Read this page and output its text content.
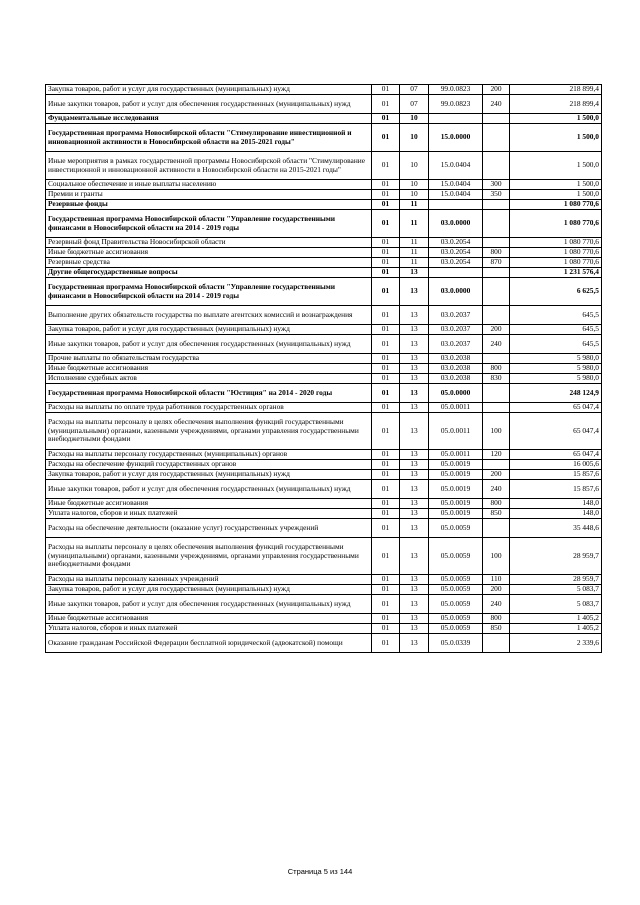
Закупка товаров, работ и услуг для государственных (муниципальных) нужд	01	07	99.0.0823	200	218 899,4
Иные закупки товаров, работ и услуг для обеспечения государственных (муниципальных) нужд	01	07	99.0.0823	240	218 899,4
Фундаментальные исследования	01	10			1 500,0
Государственная программа Новосибирской области "Стимулирование инвестиционной и инновационной активности в Новосибирской области на 2015-2021 годы"	01	10	15.0.0000		1 500,0
Иные мероприятия в рамках государственной программы Новосибирской области "Стимулирование инвестиционной и инновационной активности в Новосибирской области на 2015-2021 годы"	01	10	15.0.0404		1 500,0
Социальное обеспечение и иные выплаты населению	01	10	15.0.0404	300	1 500,0
Премии и гранты	01	10	15.0.0404	350	1 500,0
Резервные фонды	01	11			1 080 770,6
Государственная программа Новосибирской области "Управление государственными финансами в Новосибирской области на 2014 - 2019 годы	01	11	03.0.0000		1 080 770,6
Резервный фонд Правительства Новосибирской области	01	11	03.0.2054		1 080 770,6
Иные бюджетные ассигнования	01	11	03.0.2054	800	1 080 770,6
Резервные средства	01	11	03.0.2054	870	1 080 770,6
Другие общегосударственные вопросы	01	13			1 231 576,4
Государственная программа Новосибирской области "Управление государственными финансами в Новосибирской области на 2014 - 2019 годы	01	13	03.0.0000		6 625,5
Выполнение других обязательств государства по выплате агентских комиссий и вознаграждения	01	13	03.0.2037		645,5
Закупка товаров, работ и услуг для государственных (муниципальных) нужд	01	13	03.0.2037	200	645,5
Иные закупки товаров, работ и услуг для обеспечения государственных (муниципальных) нужд	01	13	03.0.2037	240	645,5
Прочие выплаты по обязательствам государства	01	13	03.0.2038		5 980,0
Иные бюджетные ассигнования	01	13	03.0.2038	800	5 980,0
Исполнение судебных актов	01	13	03.0.2038	830	5 980,0
Государственная программа Новосибирской области "Юстиция" на 2014 - 2020 годы	01	13	05.0.0000		248 124,9
Расходы на выплаты по оплате труда работников государственных органов	01	13	05.0.0011		65 047,4
Расходы на выплаты персоналу в целях обеспечения выполнения функций государственными (муниципальными) органами, казенными учреждениями, органами управления государственными внебюджетными фондами	01	13	05.0.0011	100	65 047,4
Расходы на выплаты персоналу государственных (муниципальных) органов	01	13	05.0.0011	120	65 047,4
Расходы на обеспечение функций государственных органов	01	13	05.0.0019		16 005,6
Закупка товаров, работ и услуг для государственных (муниципальных) нужд	01	13	05.0.0019	200	15 857,6
Иные закупки товаров, работ и услуг для обеспечения государственных (муниципальных) нужд	01	13	05.0.0019	240	15 857,6
Иные бюджетные ассигнования	01	13	05.0.0019	800	148,0
Уплата налогов, сборов и иных платежей	01	13	05.0.0019	850	148,0
Расходы на обеспечение деятельности (оказание услуг) государственных учреждений	01	13	05.0.0059		35 448,6
Расходы на выплаты персоналу в целях обеспечения выполнения функций государственными (муниципальными) органами, казенными учреждениями, органами управления государственными внебюджетными фондами	01	13	05.0.0059	100	28 959,7
Расходы на выплаты персоналу казенных учреждений	01	13	05.0.0059	110	28 959,7
Закупка товаров, работ и услуг для государственных (муниципальных) нужд	01	13	05.0.0059	200	5 083,7
Иные закупки товаров, работ и услуг для обеспечения государственных (муниципальных) нужд	01	13	05.0.0059	240	5 083,7
Иные бюджетные ассигнования	01	13	05.0.0059	800	1 405,2
Уплата налогов, сборов и иных платежей	01	13	05.0.0059	850	1 405,2
Оказание гражданам Российской Федерации бесплатной юридической (адвокатской) помощи	01	13	05.0.0339		2 339,6
Страница 5 из 144
